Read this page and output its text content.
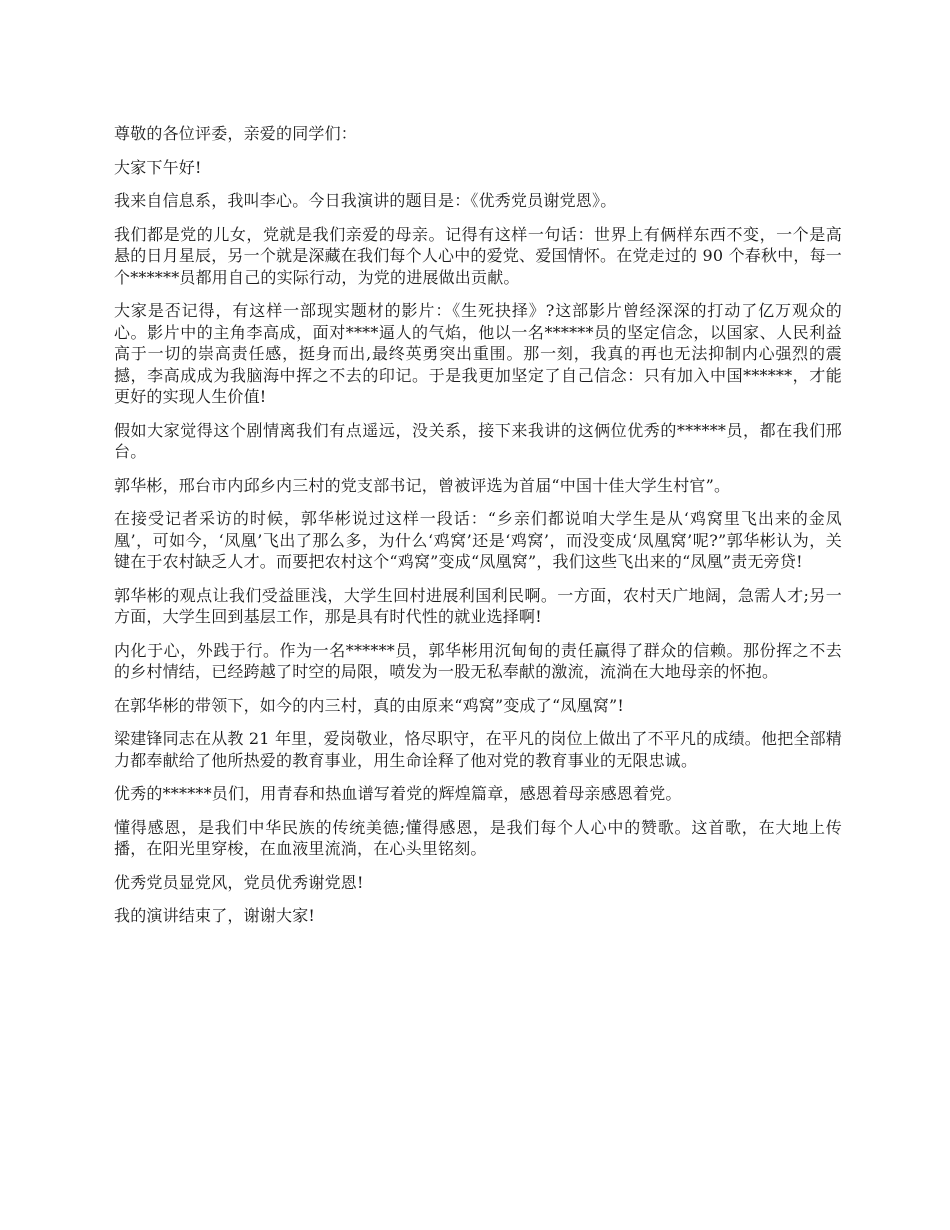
尊敬的各位评委，亲爱的同学们：

大家下午好!

我来自信息系，我叫李心。今日我演讲的题目是：《优秀党员谢党恩》。

我们都是党的儿女，党就是我们亲爱的母亲。记得有这样一句话：世界上有俩样东西不变，一个是高悬的日月星辰，另一个就是深藏在我们每个人心中的爱党、爱国情怀。在党走过的 90 个春秋中，每一个******员都用自己的实际行动，为党的进展做出贡献。

大家是否记得，有这样一部现实题材的影片：《生死抉择》?这部影片曾经深深的打动了亿万观众的心。影片中的主角李高成，面对****逼人的气焰，他以一名******员的坚定信念，以国家、人民利益高于一切的崇高责任感，挺身而出,最终英勇突出重围。那一刻，我真的再也无法抑制内心强烈的震撼，李高成成为我脑海中挥之不去的印记。于是我更加坚定了自己信念：只有加入中国******，才能更好的实现人生价值!

假如大家觉得这个剧情离我们有点遥远，没关系，接下来我讲的这俩位优秀的******员，都在我们邢台。

郭华彬，邢台市内邱乡内三村的党支部书记，曾被评选为首届“中国十佳大学生村官”。

在接受记者采访的时候，郭华彬说过这样一段话：“乡亲们都说咱大学生是从‘鸡窝里飞出来的金凤凰’，可如今，‘凤凰’飞出了那么多，为什么‘鸡窝’还是‘鸡窝’，而没变成‘凤凰窝’呢?”郭华彬认为，关键在于农村缺乏人才。而要把农村这个“鸡窝”变成“凤凰窝”，我们这些飞出来的“凤凰”责无旁贷!

郭华彬的观点让我们受益匪浅，大学生回村进展利国利民啊。一方面，农村天广地阔，急需人才;另一方面，大学生回到基层工作，那是具有时代性的就业选择啊!

内化于心，外践于行。作为一名******员，郭华彬用沉甸甸的责任赢得了群众的信赖。那份挥之不去的乡村情结，已经跨越了时空的局限，喷发为一股无私奉献的激流，流淌在大地母亲的怀抱。

在郭华彬的带领下，如今的内三村，真的由原来“鸡窝”变成了“凤凰窝”!

梁建锋同志在从教 21 年里，爱岗敬业，恪尽职守，在平凡的岗位上做出了不平凡的成绩。他把全部精力都奉献给了他所热爱的教育事业，用生命诠释了他对党的教育事业的无限忠诚。

优秀的******员们，用青春和热血谱写着党的辉煌篇章，感恩着母亲感恩着党。

懂得感恩，是我们中华民族的传统美德;懂得感恩，是我们每个人心中的赞歌。这首歌，在大地上传播，在阳光里穿梭，在血液里流淌，在心头里铭刻。

优秀党员显党风，党员优秀谢党恩!

我的演讲结束了，谢谢大家!
